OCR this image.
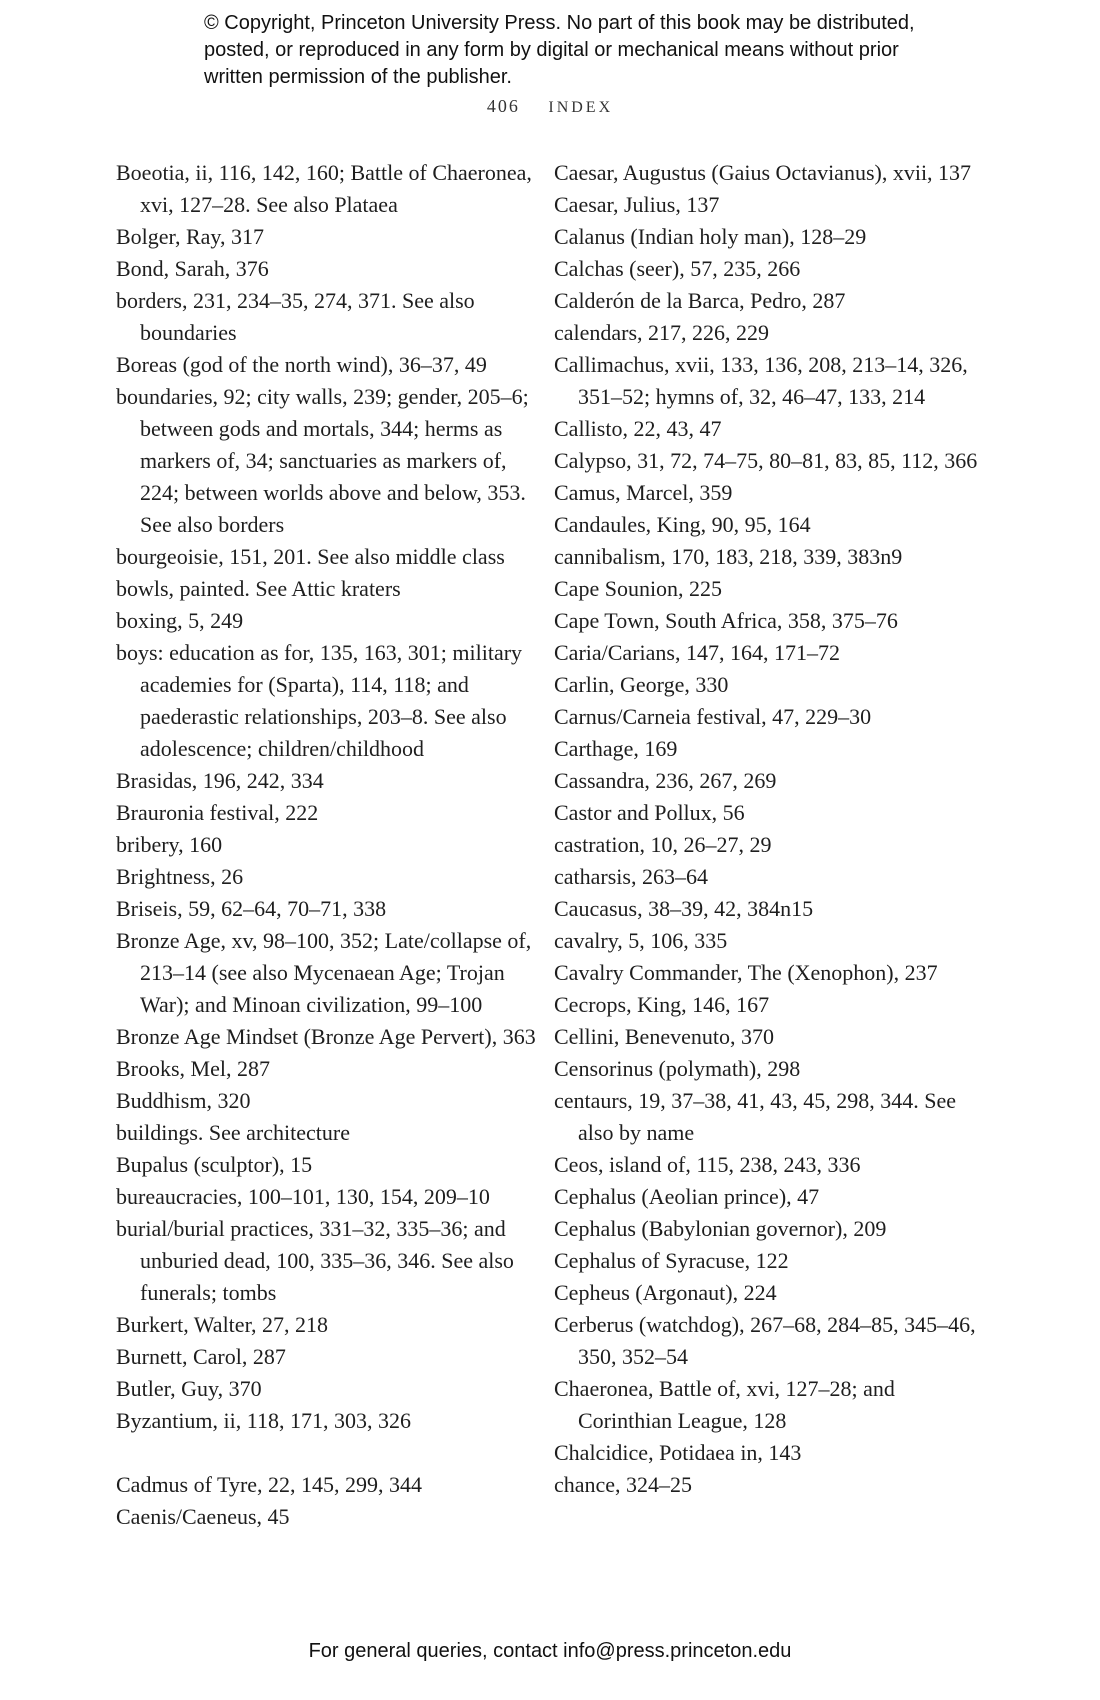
© Copyright, Princeton University Press. No part of this book may be distributed, posted, or reproduced in any form by digital or mechanical means without prior written permission of the publisher.
406 INDEX

Boeotia, ii, 116, 142, 160; Battle of Chaeronea, xvi, 127–28. See also Plataea

Bolger, Ray, 317

Bond, Sarah, 376

borders, 231, 234–35, 274, 371. See also boundaries

Boreas (god of the north wind), 36–37, 49

boundaries, 92; city walls, 239; gender, 205–6; between gods and mortals, 344; herms as markers of, 34; sanctuaries as markers of, 224; between worlds above and below, 353. See also borders

bourgeoisie, 151, 201. See also middle class

bowls, painted. See Attic kraters

boxing, 5, 249

boys: education as for, 135, 163, 301; military academies for (Sparta), 114, 118; and paederastic relationships, 203–8. See also adolescence; children/childhood

Brasidas, 196, 242, 334

Brauronia festival, 222

bribery, 160

Brightness, 26

Briseis, 59, 62–64, 70–71, 338

Bronze Age, xv, 98–100, 352; Late/collapse of, 213–14 (see also Mycenaean Age; Trojan War); and Minoan civilization, 99–100

Bronze Age Mindset (Bronze Age Pervert), 363

Brooks, Mel, 287

Buddhism, 320

buildings. See architecture

Bupalus (sculptor), 15

bureaucracies, 100–101, 130, 154, 209–10

burial/burial practices, 331–32, 335–36; and unburied dead, 100, 335–36, 346. See also funerals; tombs

Burkert, Walter, 27, 218

Burnett, Carol, 287

Butler, Guy, 370

Byzantium, ii, 118, 171, 303, 326

Cadmus of Tyre, 22, 145, 299, 344

Caenis/Caeneus, 45

Caesar, Augustus (Gaius Octavianus), xvii, 137

Caesar, Julius, 137

Calanus (Indian holy man), 128–29

Calchas (seer), 57, 235, 266

Calderón de la Barca, Pedro, 287

calendars, 217, 226, 229

Callimachus, xvii, 133, 136, 208, 213–14, 326, 351–52; hymns of, 32, 46–47, 133, 214

Callisto, 22, 43, 47

Calypso, 31, 72, 74–75, 80–81, 83, 85, 112, 366

Camus, Marcel, 359

Candaules, King, 90, 95, 164

cannibalism, 170, 183, 218, 339, 383n9

Cape Sounion, 225

Cape Town, South Africa, 358, 375–76

Caria/Carians, 147, 164, 171–72

Carlin, George, 330

Carnus/Carneia festival, 47, 229–30

Carthage, 169

Cassandra, 236, 267, 269

Castor and Pollux, 56

castration, 10, 26–27, 29

catharsis, 263–64

Caucasus, 38–39, 42, 384n15

cavalry, 5, 106, 335

Cavalry Commander, The (Xenophon), 237

Cecrops, King, 146, 167

Cellini, Benevenuto, 370

Censorinus (polymath), 298

centaurs, 19, 37–38, 41, 43, 45, 298, 344. See also by name

Ceos, island of, 115, 238, 243, 336

Cephalus (Aeolian prince), 47

Cephalus (Babylonian governor), 209

Cephalus of Syracuse, 122

Cepheus (Argonaut), 224

Cerberus (watchdog), 267–68, 284–85, 345–46, 350, 352–54

Chaeronea, Battle of, xvi, 127–28; and Corinthian League, 128

Chalcidice, Potidaea in, 143

chance, 324–25

For general queries, contact info@press.princeton.edu
